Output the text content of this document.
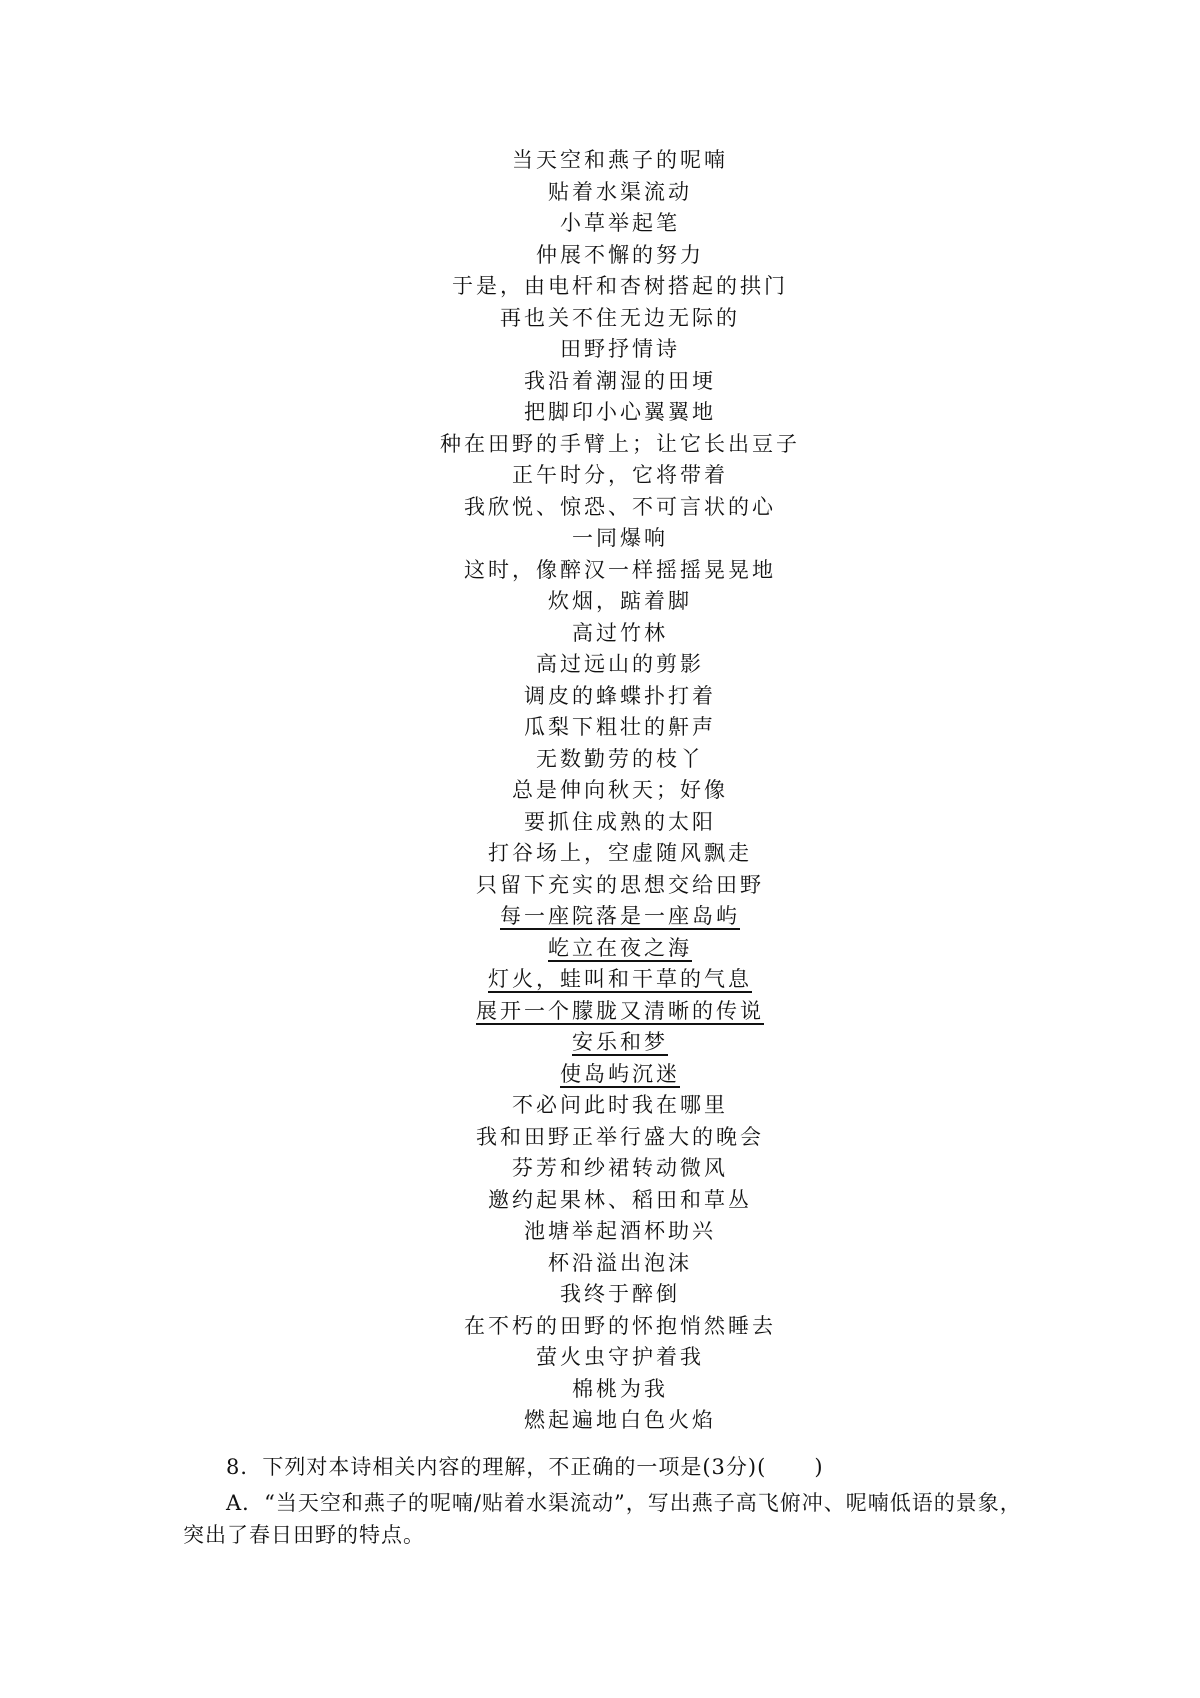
当天空和燕子的呢喃
贴着水渠流动
小草举起笔
仲展不懈的努力
于是，由电杆和杏树搭起的拱门
再也关不住无边无际的
田野抒情诗
我沿着潮湿的田埂
把脚印小心翼翼地
种在田野的手臂上；让它长出豆子
正午时分，它将带着
我欣悦、惊恐、不可言状的心
一同爆响
这时，像醉汉一样摇摇晃晃地
炊烟，踮着脚
高过竹林
高过远山的剪影
调皮的蜂蝶扑打着
瓜梨下粗壮的鼾声
无数勤劳的枝丫
总是伸向秋天；好像
要抓住成熟的太阳
打谷场上，空虚随风飘走
只留下充实的思想交给田野
每一座院落是一座岛屿
屹立在夜之海
灯火，蛙叫和干草的气息
展开一个朦胧又清晰的传说
安乐和梦
使岛屿沉迷
不必问此时我在哪里
我和田野正举行盛大的晚会
芬芳和纱裙转动微风
邀约起果林、稻田和草丛
池塘举起酒杯助兴
杯沿溢出泡沫
我终于醉倒
在不朽的田野的怀抱悄然睡去
萤火虫守护着我
棉桃为我
燃起遍地白色火焰

8．下列对本诗相关内容的理解，不正确的一项是(3分)( )

A．“当天空和燕子的呢喃/贴着水渠流动”，写出燕子高飞俯冲、呢喃低语的景象，突出了春日田野的特点。
